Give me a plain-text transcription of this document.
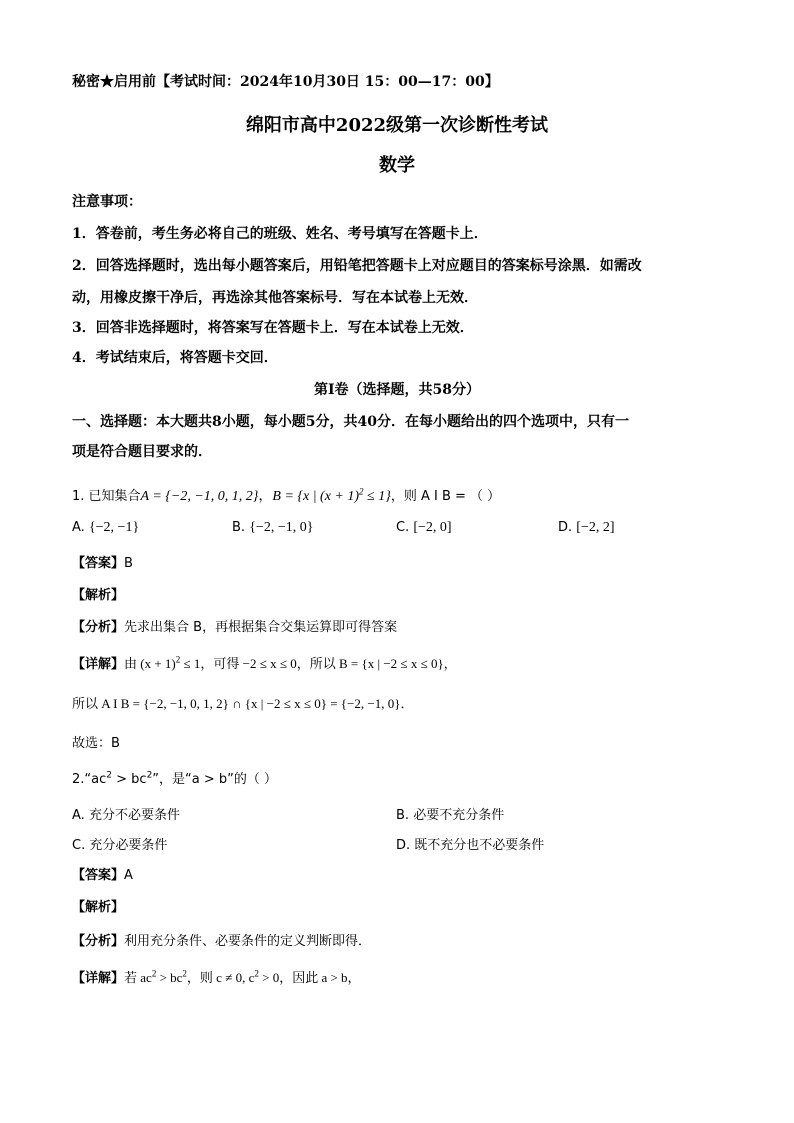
秘密★启用前【考试时间：2024年10月30日 15：00—17：00】
绵阳市高中2022级第一次诊断性考试
数学
注意事项：
1．答卷前，考生务必将自己的班级、姓名、考号填写在答题卡上．
2．回答选择题时，选出每小题答案后，用铅笔把答题卡上对应题目的答案标号涂黑．如需改
动，用橡皮擦干净后，再选涂其他答案标号．写在本试卷上无效．
3．回答非选择题时，将答案写在答题卡上．写在本试卷上无效．
4．考试结束后，将答题卡交回．
第Ⅰ卷（选择题，共58分）
一、选择题：本大题共8小题，每小题5分，共40分．在每小题给出的四个选项中，只有一
项是符合题目要求的．
1. 已知集合A = {−2, −1, 0, 1, 2}，B = {x | $(x + 1)^2 \le 1$}，则 A I B = （ ）
A. {−2, −1}	B. {−2, −1, 0}	C. [−2, 0]	D. [−2, 2]
【答案】B
【解析】
【分析】先求出集合 B，再根据集合交集运算即可得答案
【详解】由 $(x + 1)^2 \le 1$，可得 −2 ≤ x ≤ 0，所以 B = {x | −2 ≤ x ≤ 0}，
所以 A I B = {−2, −1, 0, 1, 2} ∩ {x | −2 ≤ x ≤ 0} = {−2, −1, 0}．
故选：B
$2.“ac^2 > bc^2$”，是“a > b”的（ ）
A. 充分不必要条件	B. 必要不充分条件
C. 充分必要条件	D. 既不充分也不必要条件
【答案】A
【解析】
【分析】利用充分条件、必要条件的定义判断即得．
【详解】若 $ac^2 > bc^2$，则 c ≠ 0, $c^2 > 0$，因此 a > b，
